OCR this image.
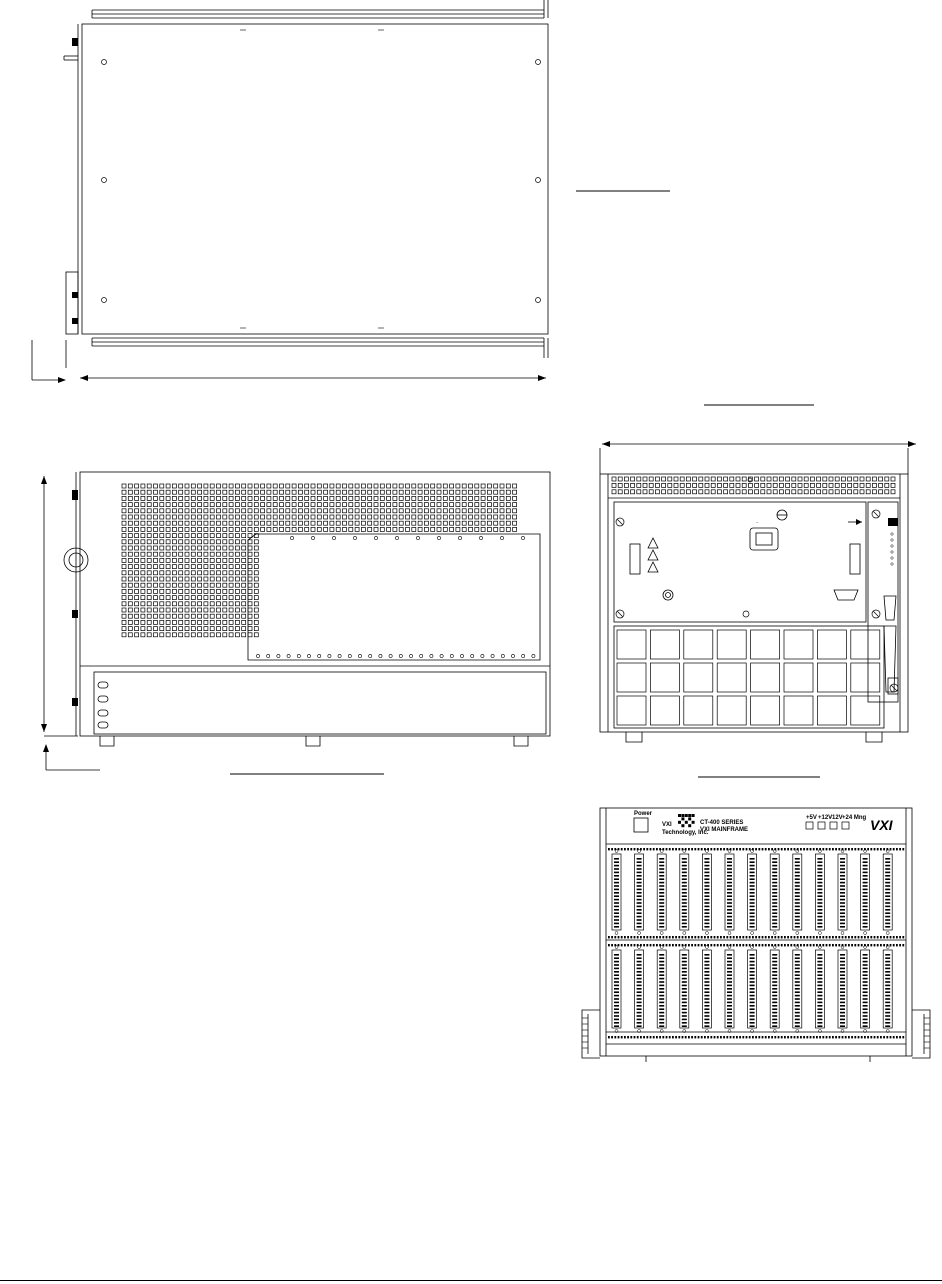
~
Power
VXI
Technology, Inc.
CT-400 SERIES
VXI MAINFRAME
+5V +12V
-12V +24 Mng VXI
